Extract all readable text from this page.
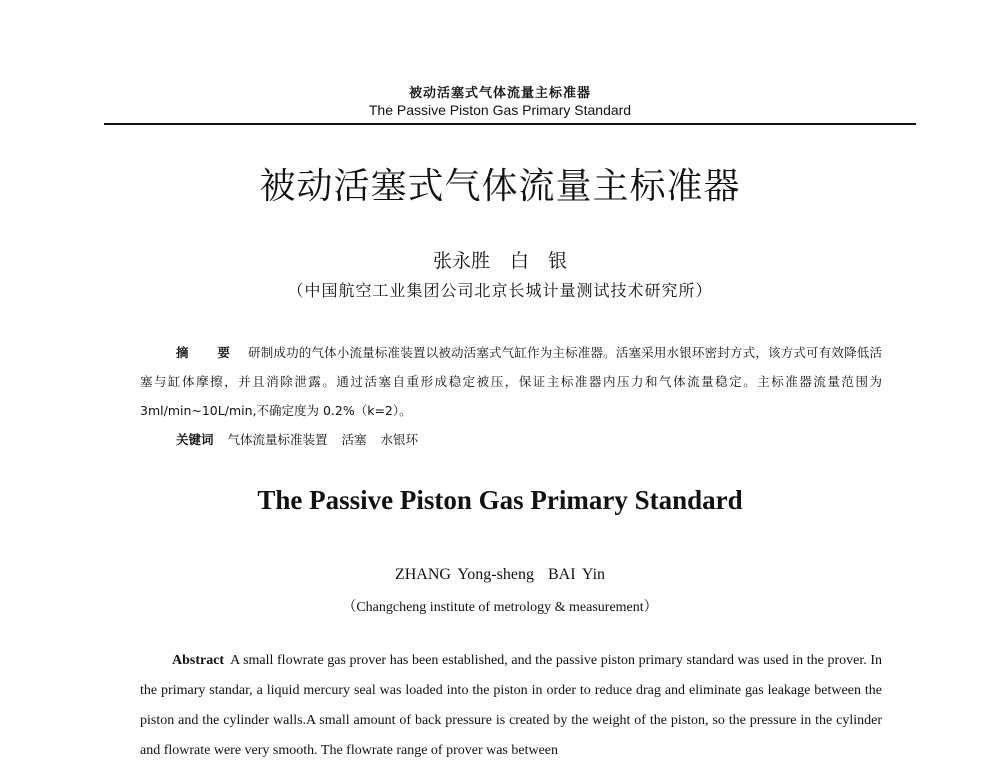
被动活塞式气体流量主标准器
The Passive Piston Gas Primary Standard
被动活塞式气体流量主标准器
张永胜 白　银
（中国航空工业集团公司北京长城计量测试技术研究所）
摘　要 研制成功的气体小流量标准装置以被动活塞式气缸作为主标准器。活塞采用水银环密封方式，该方式可有效降低活塞与缸体摩擦，并且消除泄露。通过活塞自重形成稳定被压，保证主标准器内压力和气体流量稳定。主标准器流量范围为 3ml/min~10L/min,不确定度为 0.2%（k=2）。
关键词 气体流量标准装置 活塞 水银环
The Passive Piston Gas Primary Standard
ZHANG Yong-sheng BAI Yin
（Changcheng institute of metrology & measurement）
Abstract A small flowrate gas prover has been established, and the passive piston primary standard was used in the prover. In the primary standar, a liquid mercury seal was loaded into the piston in order to reduce drag and eliminate gas leakage between the piston and the cylinder walls.A small amount of back pressure is created by the weight of the piston, so the pressure in the cylinder and flowrate were very smooth. The flowrate range of prover was between
